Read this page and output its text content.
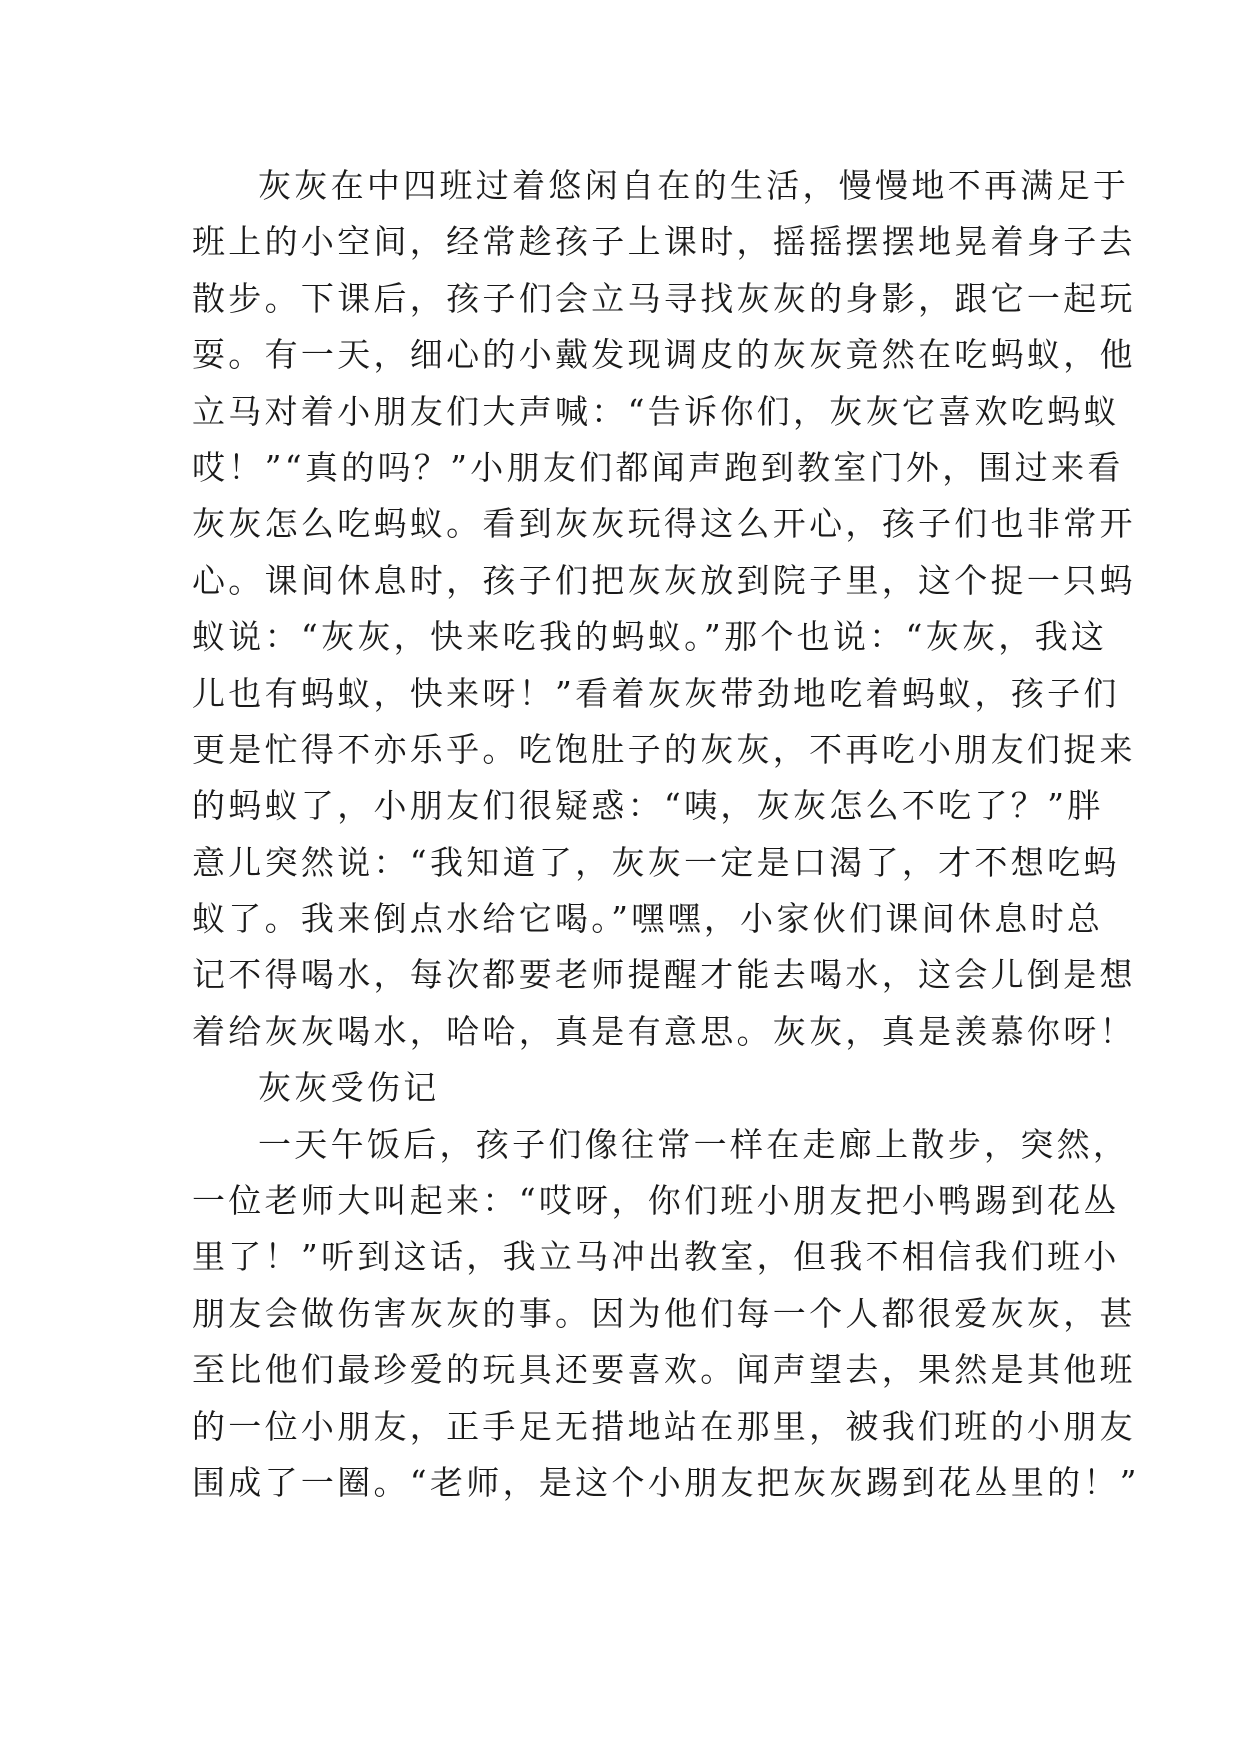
灰灰在中四班过着悠闲自在的生活，慢慢地不再满足于
班上的小空间，经常趁孩子上课时，摇摇摆摆地晃着身子去
散步。下课后，孩子们会立马寻找灰灰的身影，跟它一起玩
耍。有一天，细心的小戴发现调皮的灰灰竟然在吃蚂蚁，他
立马对着小朋友们大声喊：“告诉你们，灰灰它喜欢吃蚂蚁
哎！”“真的吗？”小朋友们都闻声跑到教室门外，围过来看
灰灰怎么吃蚂蚁。看到灰灰玩得这么开心，孩子们也非常开
心。课间休息时，孩子们把灰灰放到院子里，这个捉一只蚂
蚁说：“灰灰，快来吃我的蚂蚁。”那个也说：“灰灰，我这
儿也有蚂蚁，快来呀！”看着灰灰带劲地吃着蚂蚁，孩子们
更是忙得不亦乐乎。吃饱肚子的灰灰，不再吃小朋友们捉来
的蚂蚁了，小朋友们很疑惑：“咦，灰灰怎么不吃了？”胖
意儿突然说：“我知道了，灰灰一定是口渴了，才不想吃蚂
蚁了。我来倒点水给它喝。”嘿嘿，小家伙们课间休息时总
记不得喝水，每次都要老师提醒才能去喝水，这会儿倒是想
着给灰灰喝水，哈哈，真是有意思。灰灰，真是羡慕你呀！
灰灰受伤记
一天午饭后，孩子们像往常一样在走廊上散步，突然，
一位老师大叫起来：“哎呀，你们班小朋友把小鸭踢到花丛
里了！”听到这话，我立马冲出教室，但我不相信我们班小
朋友会做伤害灰灰的事。因为他们每一个人都很爱灰灰，甚
至比他们最珍爱的玩具还要喜欢。闻声望去，果然是其他班
的一位小朋友，正手足无措地站在那里，被我们班的小朋友
围成了一圈。“老师，是这个小朋友把灰灰踢到花丛里的！”
